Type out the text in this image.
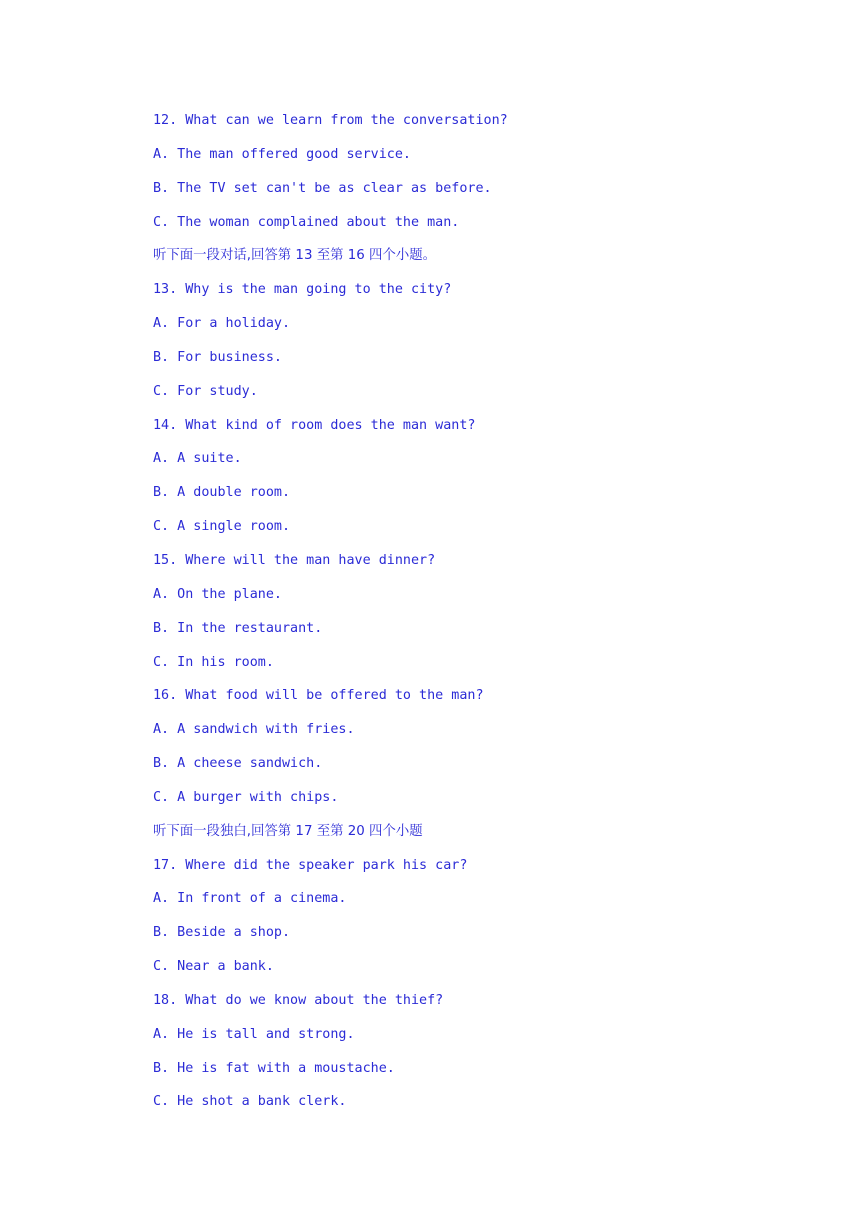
12. What can we learn from the conversation?

A. The man offered good service.

B. The TV set can't be as clear as before.

C. The woman complained about the man.

听下面一段对话,回答第 13 至第 16 四个小题。

13. Why is the man going to the city?

A. For a holiday.

B. For business.

C. For study.

14. What kind of room does the man want?

A. A suite.

B. A double room.

C. A single room.

15. Where will the man have dinner?

A. On the plane.

B. In the restaurant.

C. In his room.

16. What food will be offered to the man?

A. A sandwich with fries.

B. A cheese sandwich.

C. A burger with chips.

听下面一段独白,回答第 17 至第 20 四个小题

17. Where did the speaker park his car?

A. In front of a cinema.

B. Beside a shop.

C. Near a bank.

18. What do we know about the thief?

A. He is tall and strong.

B. He is fat with a moustache.

C. He shot a bank clerk.
